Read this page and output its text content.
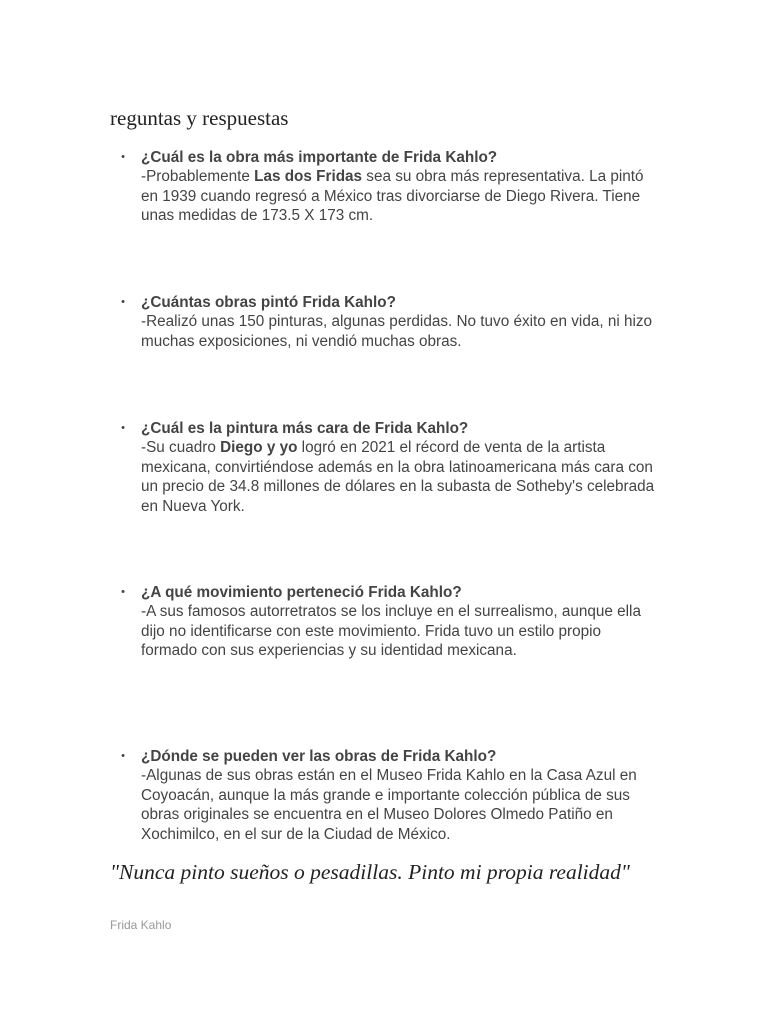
reguntas y respuestas
•	¿Cuál es la obra más importante de Frida Kahlo?
-Probablemente Las dos Fridas sea su obra más representativa. La pintó en 1939 cuando regresó a México tras divorciarse de Diego Rivera. Tiene unas medidas de 173.5 X 173 cm.
•	¿Cuántas obras pintó Frida Kahlo?
-Realizó unas 150 pinturas, algunas perdidas. No tuvo éxito en vida, ni hizo muchas exposiciones, ni vendió muchas obras.
•	¿Cuál es la pintura más cara de Frida Kahlo?
-Su cuadro Diego y yo logró en 2021 el récord de venta de la artista mexicana, convirtiéndose además en la obra latinoamericana más cara con un precio de 34.8 millones de dólares en la subasta de Sotheby's celebrada en Nueva York.
•	¿A qué movimiento perteneció Frida Kahlo?
-A sus famosos autorretratos se los incluye en el surrealismo, aunque ella dijo no identificarse con este movimiento. Frida tuvo un estilo propio formado con sus experiencias y su identidad mexicana.
•	¿Dónde se pueden ver las obras de Frida Kahlo?
-Algunas de sus obras están en el Museo Frida Kahlo en la Casa Azul en Coyoacán, aunque la más grande e importante colección pública de sus obras originales se encuentra en el Museo Dolores Olmedo Patiño en Xochimilco, en el sur de la Ciudad de México.

"Nunca pinto sueños o pesadillas. Pinto mi propia realidad"

Frida Kahlo
